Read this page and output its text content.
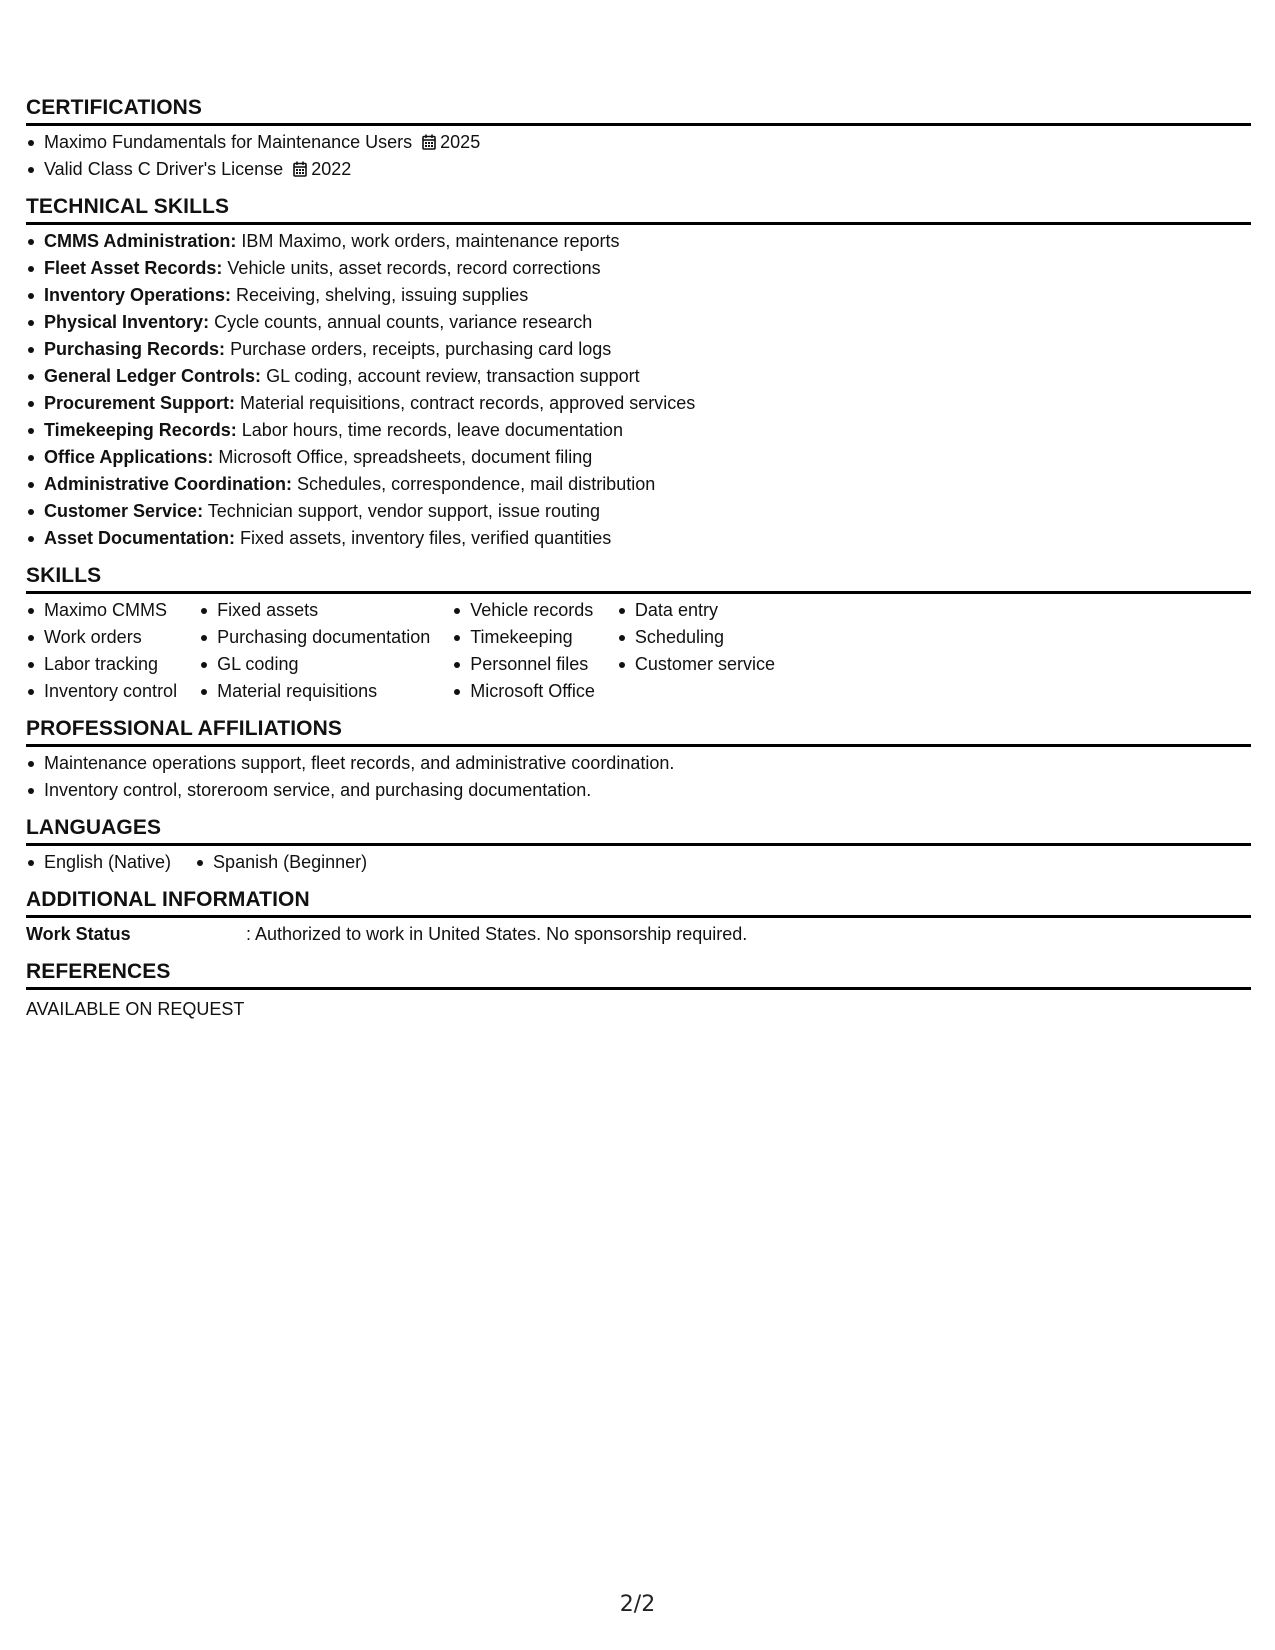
CERTIFICATIONS
Maximo Fundamentals for Maintenance Users 2025
Valid Class C Driver's License 2022
TECHNICAL SKILLS
CMMS Administration: IBM Maximo, work orders, maintenance reports
Fleet Asset Records: Vehicle units, asset records, record corrections
Inventory Operations: Receiving, shelving, issuing supplies
Physical Inventory: Cycle counts, annual counts, variance research
Purchasing Records: Purchase orders, receipts, purchasing card logs
General Ledger Controls: GL coding, account review, transaction support
Procurement Support: Material requisitions, contract records, approved services
Timekeeping Records: Labor hours, time records, leave documentation
Office Applications: Microsoft Office, spreadsheets, document filing
Administrative Coordination: Schedules, correspondence, mail distribution
Customer Service: Technician support, vendor support, issue routing
Asset Documentation: Fixed assets, inventory files, verified quantities
SKILLS
Maximo CMMS
Work orders
Labor tracking
Inventory control
Fixed assets
Purchasing documentation
GL coding
Material requisitions
Vehicle records
Timekeeping
Personnel files
Microsoft Office
Data entry
Scheduling
Customer service
PROFESSIONAL AFFILIATIONS
Maintenance operations support, fleet records, and administrative coordination.
Inventory control, storeroom service, and purchasing documentation.
LANGUAGES
English (Native)	Spanish (Beginner)
ADDITIONAL INFORMATION
Work Status	: Authorized to work in United States. No sponsorship required.
REFERENCES
AVAILABLE ON REQUEST
2/2
